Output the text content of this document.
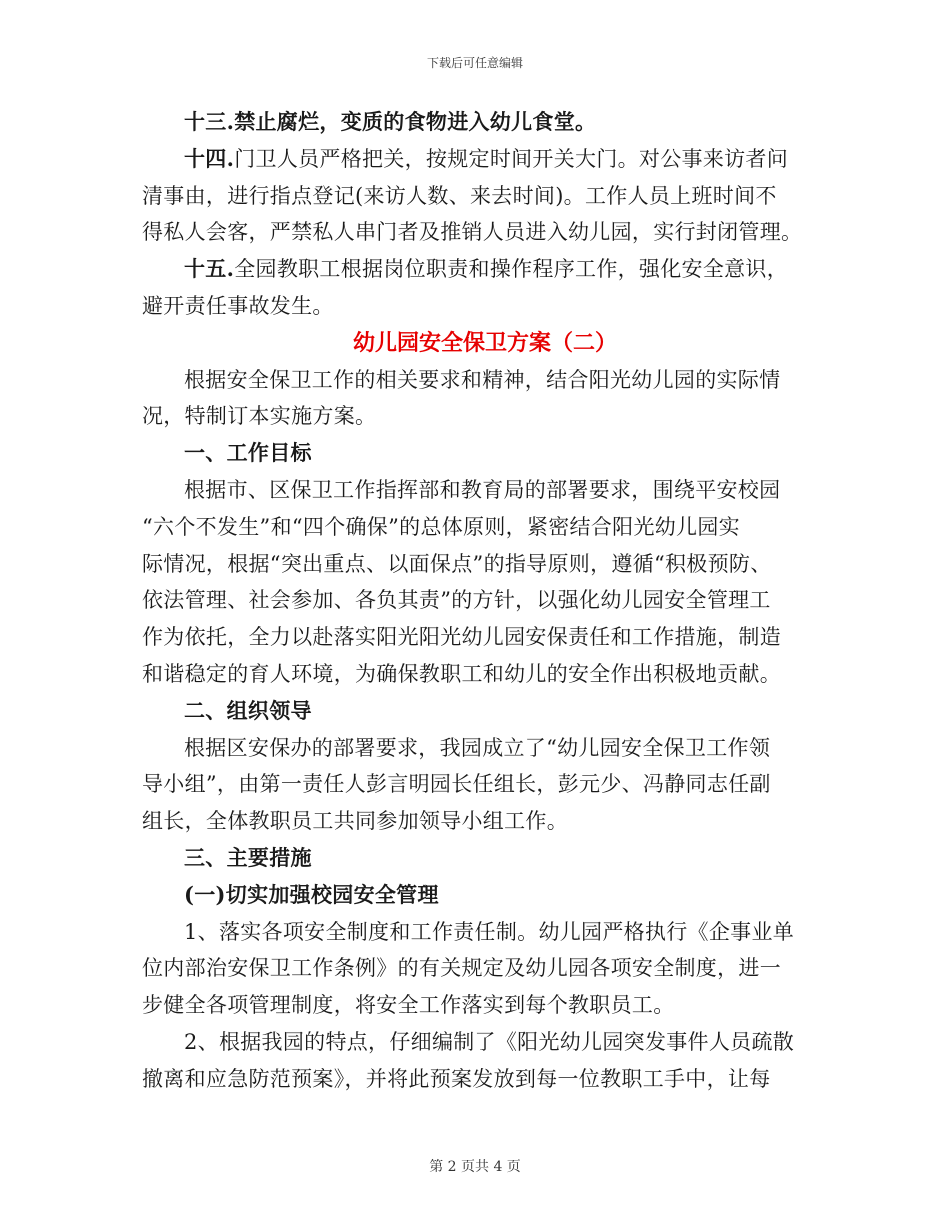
下载后可任意编辑

十三.禁止腐烂，变质的食物进入幼儿食堂。

十四.门卫人员严格把关，按规定时间开关大门。对公事来访者问

清事由，进行指点登记(来访人数、来去时间)。工作人员上班时间不

得私人会客，严禁私人串门者及推销人员进入幼儿园，实行封闭管理。

十五.全园教职工根据岗位职责和操作程序工作，强化安全意识，

避开责任事故发生。

幼儿园安全保卫方案（二）

根据安全保卫工作的相关要求和精神，结合阳光幼儿园的实际情

况，特制订本实施方案。

一、工作目标

根据市、区保卫工作指挥部和教育局的部署要求，围绕平安校园

“六个不发生”和“四个确保”的总体原则，紧密结合阳光幼儿园实

际情况，根据“突出重点、以面保点”的指导原则，遵循“积极预防、

依法管理、社会参加、各负其责”的方针，以强化幼儿园安全管理工

作为依托，全力以赴落实阳光阳光幼儿园安保责任和工作措施，制造

和谐稳定的育人环境，为确保教职工和幼儿的安全作出积极地贡献。

二、组织领导

根据区安保办的部署要求，我园成立了“幼儿园安全保卫工作领

导小组”，由第一责任人彭言明园长任组长，彭元少、冯静同志任副

组长，全体教职员工共同参加领导小组工作。

三、主要措施

(一)切实加强校园安全管理

1、落实各项安全制度和工作责任制。幼儿园严格执行《企事业单

位内部治安保卫工作条例》的有关规定及幼儿园各项安全制度，进一

步健全各项管理制度，将安全工作落实到每个教职员工。

2、根据我园的特点，仔细编制了《阳光幼儿园突发事件人员疏散

撤离和应急防范预案》，并将此预案发放到每一位教职工手中，让每

第 2 页共 4 页
